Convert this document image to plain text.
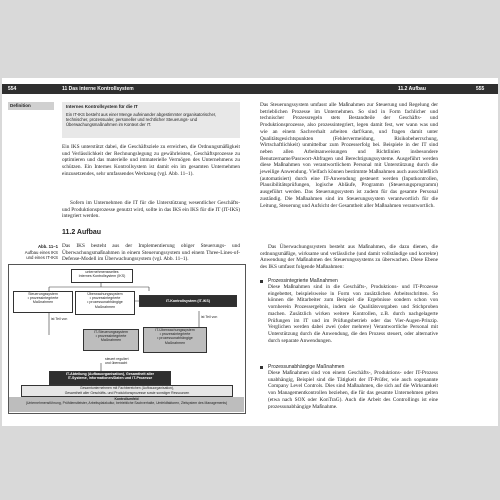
554	11 Das interne Kontrollsystem
Definition	Internes Kontrollsystem für die IT
Ein IT-IKS besteht aus einer Menge aufeinander abgestimmter organisatorischer, technischer, prozessualer, personeller und rechtlicher Steuerungs- und Überwachungsmaßnahmen im Kontext der IT.
Ein IKS unterstützt dabei, die Geschäftsziele zu erreichen, die Ordnungsmäßigkeit und Verlässlichkeit der Rechnungslegung zu gewährleisten, Geschäftsprozesse zu optimieren und das materielle und immaterielle Vermögen des Unternehmens zu schützen. Ein Internes Kontrollsystem ist damit ein im gesamten Unternehmen einzusetzendes, sehr umfassendes Werkzeug (vgl. Abb. 11–1).
Sofern im Unternehmen die IT für die Unterstützung wesentlicher Geschäfts- und Produktionsprozesse genutzt wird, sollte in das IKS ein IKS für die IT (IT-IKS) integriert werden.
11.2 Aufbau
Abb. 11–1
Aufbau eines IKS und eines IT-IKS
Das IKS besteht aus der Implementierung obiger Steuerungs- und Überwachungsmaßnahmen in einem Steuerungssystem und einem Three-Lines-of-Defense-Modell im Überwachungssystem (vgl. Abb. 11–1).
unternehmensweites
Internes Kontrollsystem (IKS)
Steuerungssystem
• prozessintegrierte
Maßnahmen
Überwachungssystem
• prozessintegrierte
• prozessunabhängige
Maßnahmen
IT-Kontrollsystem (IT-IKS)
ist Teil von	ist Teil von
IT-Steuerungssystem
• prozessintegrierte
Maßnahmen
IT-Überwachungssystem
• prozessintegrierte
• prozessunabhängige
Maßnahmen
steuert reguliert
und überwacht
IT-Abteilung (Aufbauorganisation), Gesamtheit aller
IT-Systeme, Informationen/Daten und IT-Prozesse
Gesamtunternehmen mit Fachbereichen (Aufbauorganisation),
Gesamtheit aller Geschäfts- und Produktionsprozesse sowie sonstiger Ressourcen
Kontrollumfeld
(Unternehmensführung, Prüfdienstleister, Arbeitsplatzkultur, betriebliche Sachverhalte, Umfeldfaktoren, Zielsystem des Managements)
11.2 Aufbau	555
Das Steuerungssystem umfasst alle Maßnahmen zur Steuerung und Regelung der betrieblichen Prozesse im Unternehmen. So sind in Form fachlicher und technischer Prozessregeln stets Bestandteile der Geschäfts- und Produktionsprozesse, also prozessintegriert, legen damit fest, wer wann was und wie an einem Sachverhalt arbeiten darf/kann, und fragen damit unter Qualitätsgesichtspunkten (Fehlervermeidung, Risikobeherrschung, Wirtschaftlichkeit) unmittelbar zum Prozesserfolg bei. Beispiele in der IT sind neben allen Arbeitsanweisungen und Richtlinien insbesondere Benutzername/Passwort-Abfragen und Berechtigungssysteme. Ausgeführt werden diese Maßnahmen von verantwortlichem Personal mit Unterstützung durch die jeweilige Anwendung. Vielfach können bestimmte Maßnahmen auch ausschließlich (automatisiert) durch eine IT-Anwendung gesteuert werden (Inputkontrollen, Plausibilitätsprüfungen, logische Abläufe, Programm (Steuerungsprogramm) ausgeführt werden. Das Steuerungssystem ist zudem für das gesamte Personal zuständig. Die Maßnahmen sind im Steuerungssystem verantwortlich für die Leitung, Steuerung und Aufsicht der Gesamtheit aller Maßnahmen verantwortlich.
Das Überwachungssystem besteht aus Maßnahmen, die dazu dienen, die ordnungsmäßige, wirksame und verlässliche (und damit vollständige und korrekte) Anwendung der Maßnahmen des Steuerungssystems zu überwachen. Diese Ebene des IKS umfasst folgende Maßnahmen:
Prozessintegrierte Maßnahmen
Diese Maßnahmen sind in die Geschäfts-, Produktions- und IT-Prozesse eingebettet, beispielsweise in Form von zusätzlichen Arbeitsschritten. So können die Mitarbeiter zum Beispiel die Ergebnisse sondern schon von vornherein Prozessergebnis, indem sie Qualitätsvorgaben und Stichproben machen. Zusätzlich wirken weitere Kontrollen, z.B. durch nachgelagerte Prüfungen im IT und im Prüfungsbetrieb oder das Vier-Augen-Prinzip. Verglichen werden dabei zwei (oder mehrere) Verantwortliche Personal mit Unterstützung durch die Anwendung, die den Prozess steuert, oder alternative durch separate Anwendungen.
Prozessunabhängige Maßnahmen
Diese Maßnahmen sind von einem Geschäfts-, Produktions- oder IT-Prozess unabhängig, Beispiel sind die Tätigkeit der IT-Prüfer, wie auch sogenannte Company Level Controls. Dies sind Maßnahmen, die sich auf die Wirksamkeit von Managementkontrollen beziehen, die für das gesamte Unternehmen gelten (etwa nach SOX oder KonTraG). Auch die Arbeit des Controllings ist eine prozessunabhängige Maßnahme.
